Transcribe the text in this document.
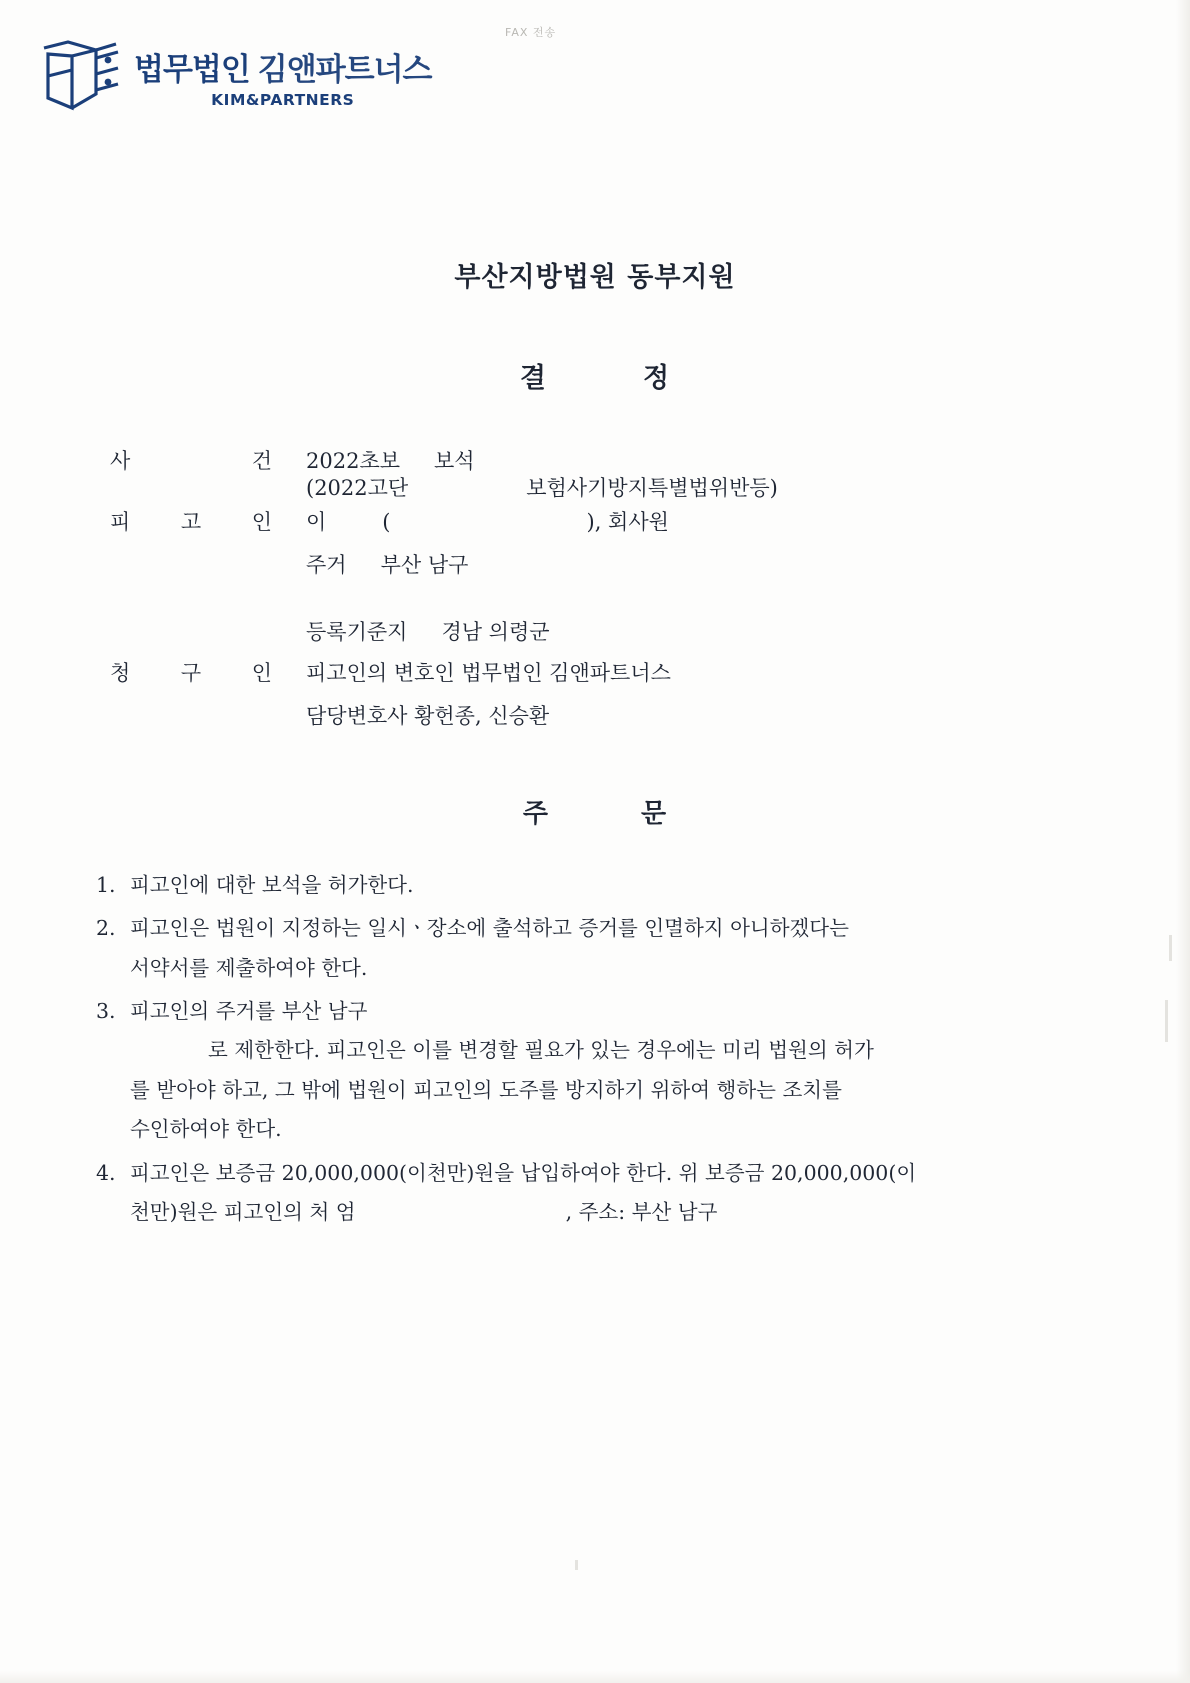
FAX 전송
법무법인 김앤파트너스
KIM&PARTNERS
부산지방법원 동부지원
결	정
사	건 2022초보 보석
(2022고단	보험사기방지특별법위반등)
피 고 인 이	(	), 회사원
주거 부산 남구
등록기준지 경남 의령군
청 구 인 피고인의 변호인 법무법인 김앤파트너스
담당변호사 황헌종, 신승환
주	문
1. 피고인에 대한 보석을 허가한다.
2. 피고인은 법원이 지정하는 일시ㆍ장소에 출석하고 증거를 인멸하지 아니하겠다는
서약서를 제출하여야 한다.
3. 피고인의 주거를 부산 남구
로 제한한다. 피고인은 이를 변경할 필요가 있는 경우에는 미리 법원의 허가
를 받아야 하고, 그 밖에 법원이 피고인의 도주를 방지하기 위하여 행하는 조치를
수인하여야 한다.
4. 피고인은 보증금 20,000,000(이천만)원을 납입하여야 한다. 위 보증금 20,000,000(이
천만)원은 피고인의 처 엄	, 주소: 부산 남구
